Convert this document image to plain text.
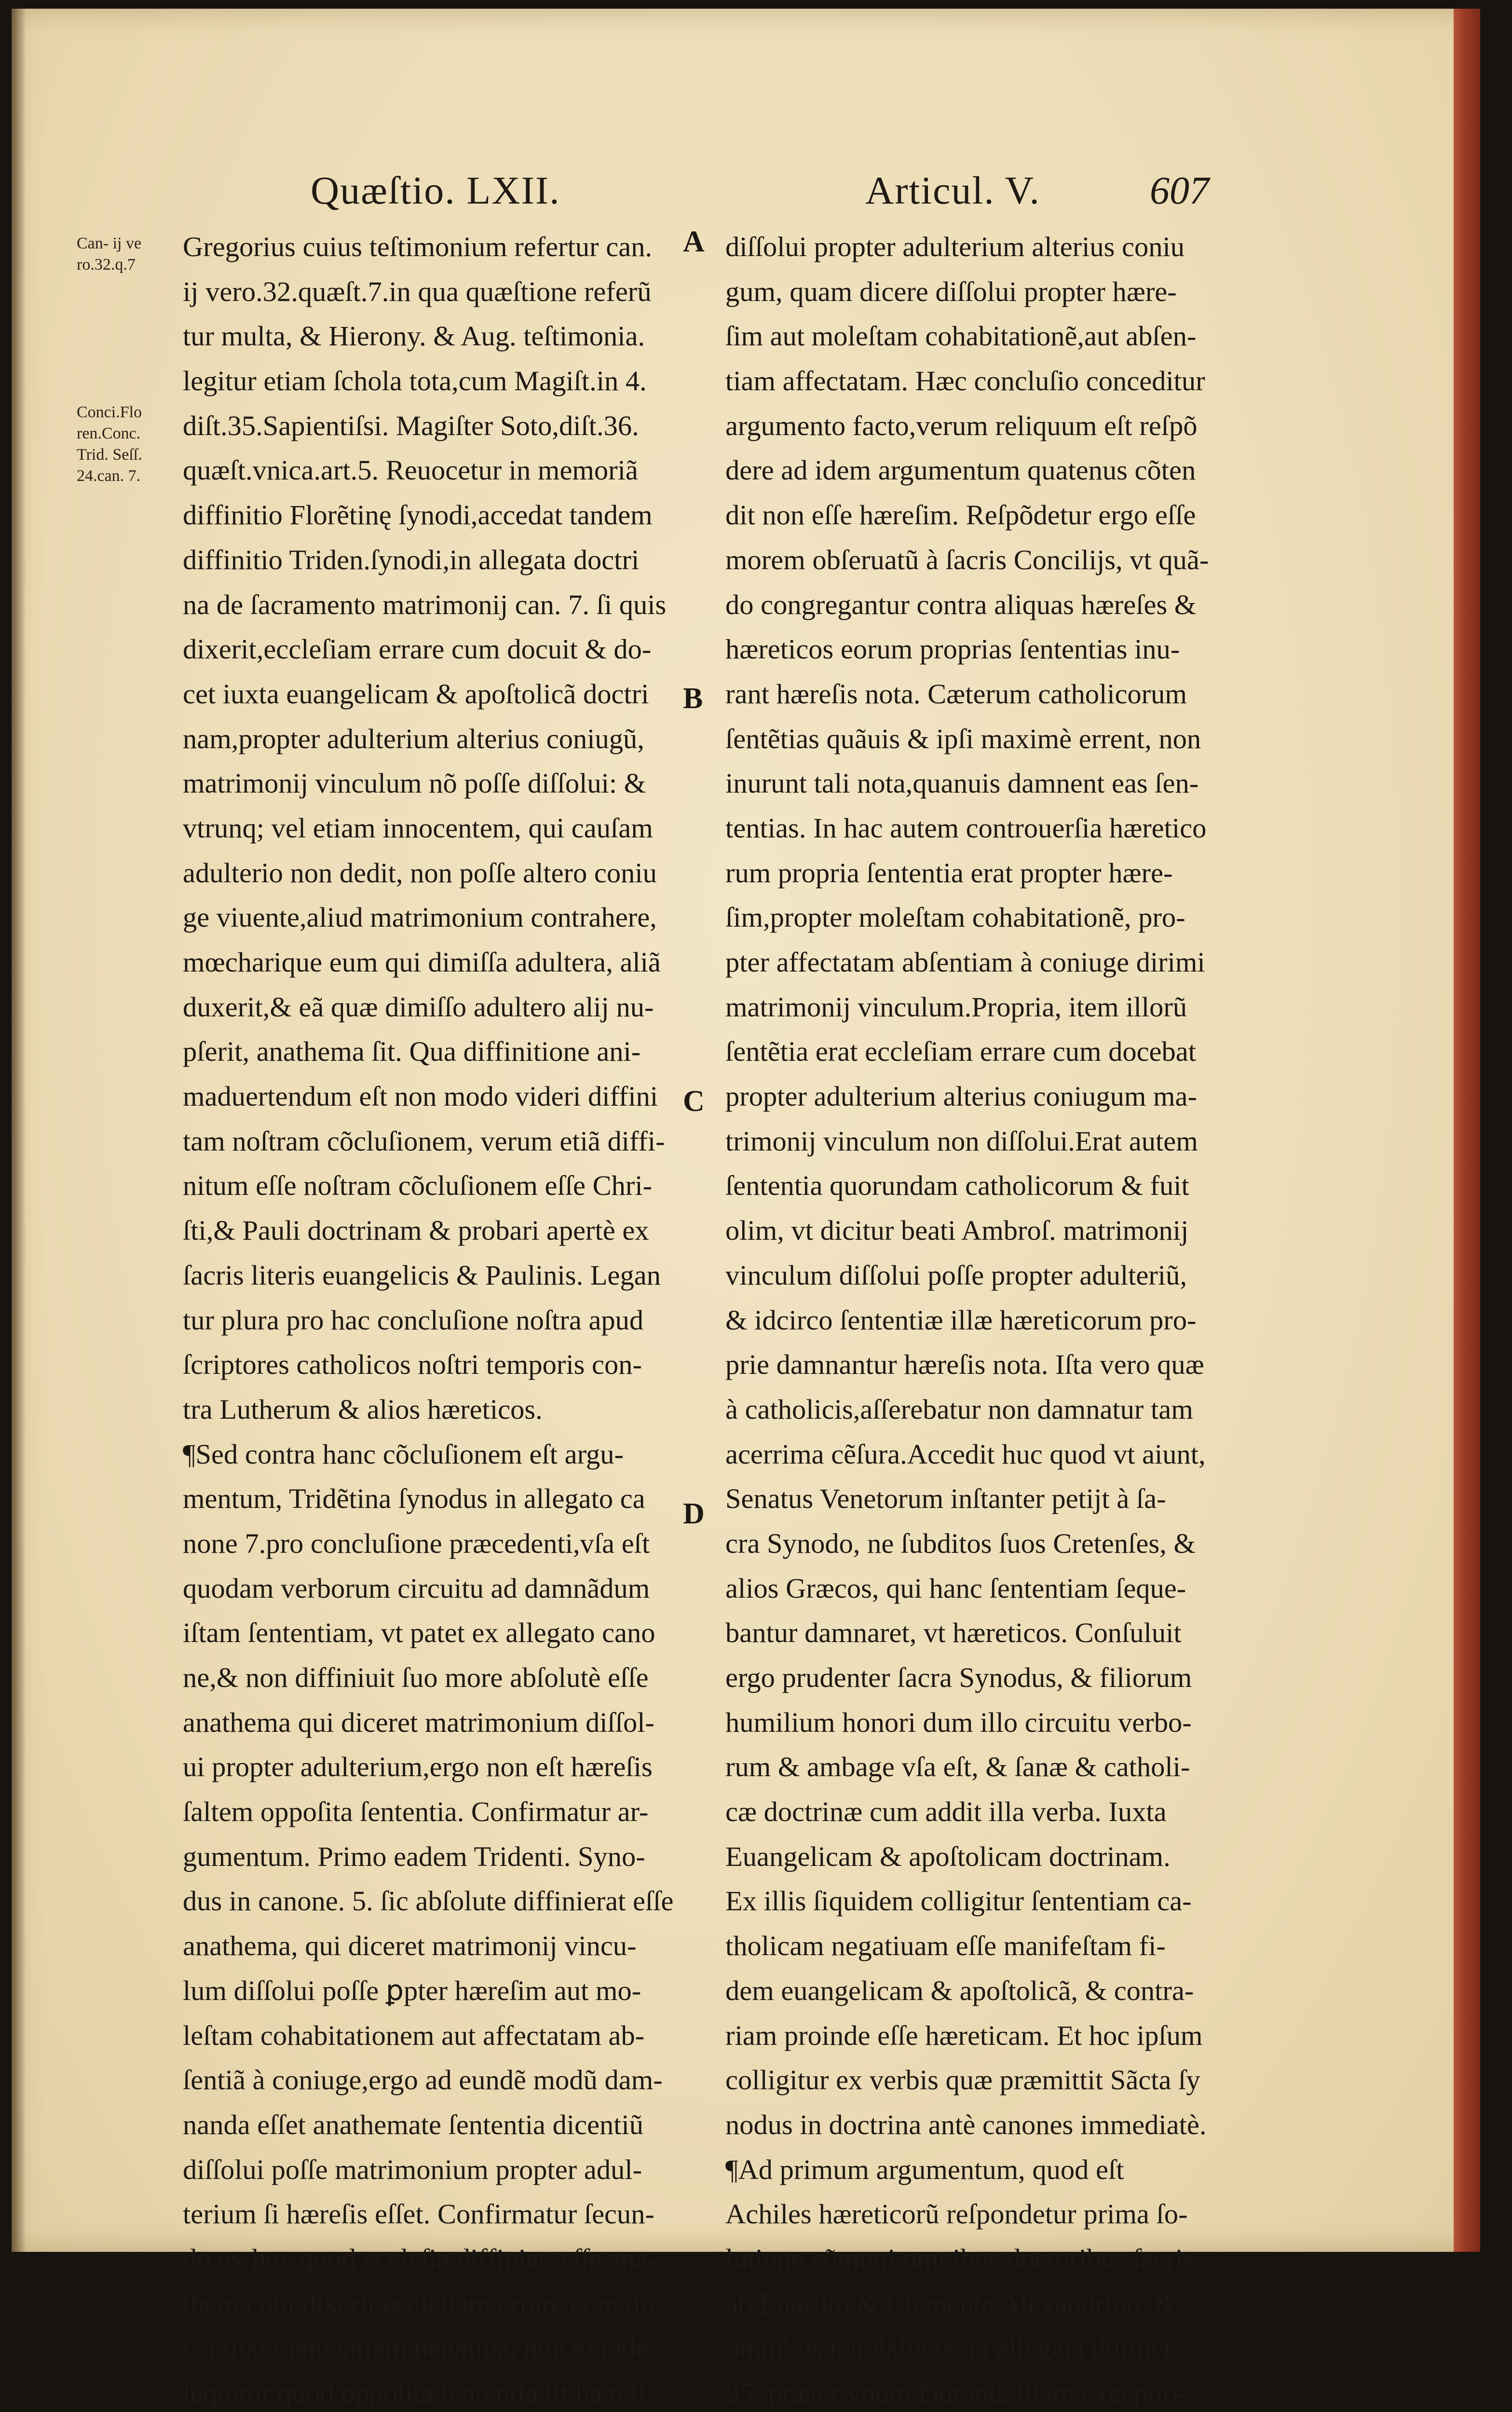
Quæſtio. LXII.	Articul. V.	607
Can- ij ve
ro.32.q.7
Conci.Flo
ren.Conc.
Trid. Seſſ.
24.can. 7.
A
B
C
D
Gregorius cuius teſtimonium refertur can.
ij vero.32.quæſt.7.in qua quæſtione referũ
tur multa, & Hierony. & Aug. teſtimonia.
legitur etiam ſchola tota,cum Magiſt.in 4.
diſt.35.Sapientiſsi. Magiſter Soto,diſt.36.
quæſt.vnica.art.5. Reuocetur in memoriã
diffinitio Florẽtinę ſynodi,accedat tandem
diffinitio Triden.ſynodi,in allegata doctri
na de ſacramento matrimonij can. 7. ſi quis
dixerit,eccleſiam errare cum docuit & do-
cet iuxta euangelicam & apoſtolicã doctri
nam,propter adulterium alterius coniugũ,
matrimonij vinculum nõ poſſe diſſolui: &
vtrunq; vel etiam innocentem, qui cauſam
adulterio non dedit, non poſſe altero coniu
ge viuente,aliud matrimonium contrahere,
mœcharique eum qui dimiſſa adultera, aliã
duxerit,& eã quæ dimiſſo adultero alij nu-
pſerit, anathema ſit. Qua diffinitione ani-
maduertendum eſt non modo videri diffini
tam noſtram cõcluſionem, verum etiã diffi-
nitum eſſe noſtram cõcluſionem eſſe Chri-
ſti,& Pauli doctrinam & probari apertè ex
ſacris literis euangelicis & Paulinis. Legan
tur plura pro hac concluſione noſtra apud
ſcriptores catholicos noſtri temporis con-
tra Lutherum & alios hæreticos.
¶Sed contra hanc cõcluſionem eſt argu-
mentum, Tridẽtina ſynodus in allegato ca
none 7.pro concluſione præcedenti,vſa eſt
quodam verborum circuitu ad damnãdum
iſtam ſententiam, vt patet ex allegato cano
ne,& non diffiniuit ſuo more abſolutè eſſe
anathema qui diceret matrimonium diſſol-
ui propter adulterium,ergo non eſt hæreſis
ſaltem oppoſita ſententia. Confirmatur ar-
gumentum. Primo eadem Tridenti. Syno-
dus in canone. 5. ſic abſolute diffinierat eſſe
anathema, qui diceret matrimonij vincu-
lum diſſolui poſſe ꝑpter hæreſim aut mo-
leſtam cohabitationem aut affectatam ab-
ſentiã à coniuge,ergo ad eundẽ modũ dam-
nanda eſſet anathemate ſententia dicentiũ
diſſolui poſſe matrimonium propter adul-
terium ſi hæreſis eſſet. Confirmatur ſecun-
do,ex hoc quod eccleſia diffiniat, eſſe ana-
thema qui dixerit eccleſiam errare cum do-
cet iſtam ſententiam negatiuã, non exinde
ſequitur quod oppoſita ſententia ſit hæreti
diſſolui propter adulterium alterius coniu
gum, quam dicere diſſolui propter hære-
ſim aut moleſtam cohabitationẽ,aut abſen-
tiam affectatam. Hæc concluſio conceditur
argumento facto,verum reliquum eſt reſpõ
dere ad idem argumentum quatenus cõten
dit non eſſe hæreſim. Reſpõdetur ergo eſſe
morem obſeruatũ à ſacris Concilijs, vt quã-
do congregantur contra aliquas hæreſes &
hæreticos eorum proprias ſententias inu-
rant hæreſis nota. Cæterum catholicorum
ſentẽtias quãuis & ipſi maximè errent, non
inurunt tali nota,quanuis damnent eas ſen-
tentias. In hac autem controuerſia hæretico
rum propria ſententia erat propter hære-
ſim,propter moleſtam cohabitationẽ, pro-
pter affectatam abſentiam à coniuge dirimi
matrimonij vinculum.Propria, item illorũ
ſentẽtia erat eccleſiam errare cum docebat
propter adulterium alterius coniugum ma-
trimonij vinculum non diſſolui.Erat autem
ſententia quorundam catholicorum & fuit
olim, vt dicitur beati Ambroſ. matrimonij
vinculum diſſolui poſſe propter adulteriũ,
& idcirco ſententiæ illæ hæreticorum pro-
prie damnantur hæreſis nota. Iſta vero quæ
à catholicis,aſſerebatur non damnatur tam
acerrima cẽſura.Accedit huc quod vt aiunt,
Senatus Venetorum inſtanter petijt à ſa-
cra Synodo, ne ſubditos ſuos Cretenſes, &
alios Græcos, qui hanc ſententiam ſeque-
bantur damnaret, vt hæreticos. Conſuluit
ergo prudenter ſacra Synodus, & filiorum
humilium honori dum illo circuitu verbo-
rum & ambage vſa eſt, & ſanæ & catholi-
cæ doctrinæ cum addit illa verba. Iuxta
Euangelicam & apoſtolicam doctrinam.
Ex illis ſiquidem colligitur ſententiam ca-
tholicam negatiuam eſſe manifeſtam fi-
dem euangelicam & apoſtolicã, & contra-
riam proinde eſſe hæreticam. Et hoc ipſum
colligitur ex verbis quæ præmittit Sãcta ſy
nodus in doctrina antè canones immediatè.
¶Ad primum argumentum, quod eſt
Achiles hæreticorũ reſpondetur prima ſo-
lutione cõmuni omnibus doctoribus ſacris
ab Euariſto & Clemente Alexandrino, &
omnibus ſcholaſticis, in allegata diſtinct.
35. præter vnum Durand. illam exceptio-
